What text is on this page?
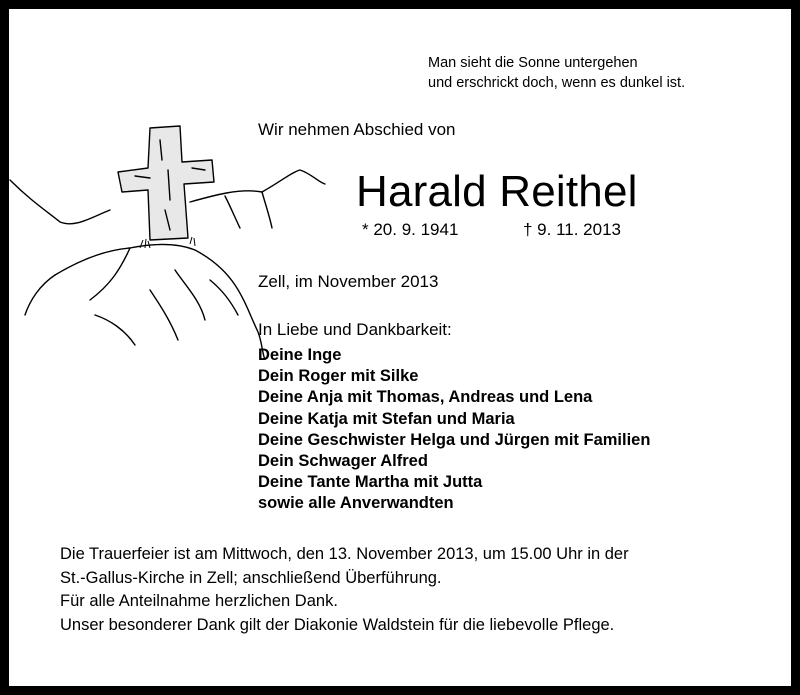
Man sieht die Sonne untergehen
und erschrickt doch, wenn es dunkel ist.
Wir nehmen Abschied von
Harald Reithel
* 20. 9. 1941	† 9. 11. 2013
Zell, im November 2013
In Liebe und Dankbarkeit:
Deine Inge
Dein Roger mit Silke
Deine Anja mit Thomas, Andreas und Lena
Deine Katja mit Stefan und Maria
Deine Geschwister Helga und Jürgen mit Familien
Dein Schwager Alfred
Deine Tante Martha mit Jutta
sowie alle Anverwandten
Die Trauerfeier ist am Mittwoch, den 13. November 2013, um 15.00 Uhr in der
St.-Gallus-Kirche in Zell; anschließend Überführung.
Für alle Anteilnahme herzlichen Dank.
Unser besonderer Dank gilt der Diakonie Waldstein für die liebevolle Pflege.
